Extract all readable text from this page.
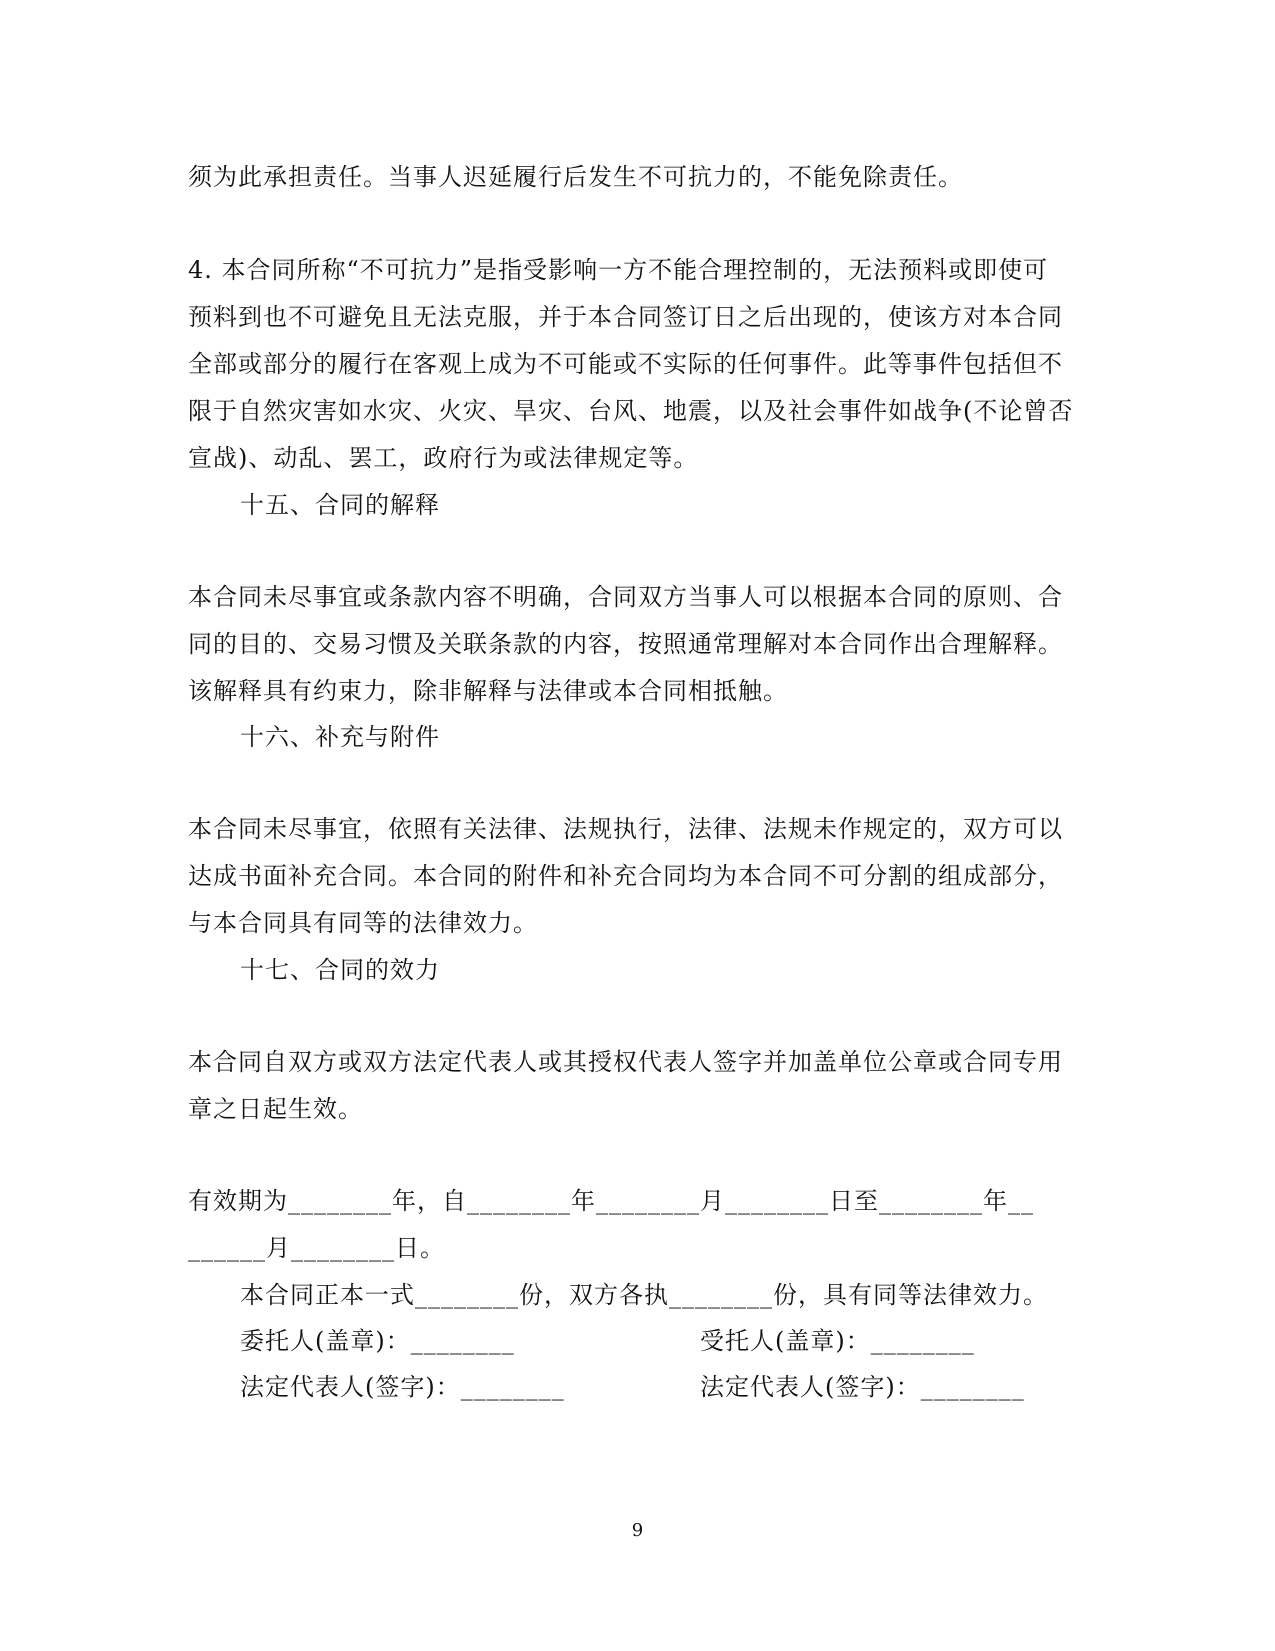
须为此承担责任。当事人迟延履行后发生不可抗力的，不能免除责任。
4. 本合同所称“不可抗力”是指受影响一方不能合理控制的，无法预料或即使可
预料到也不可避免且无法克服，并于本合同签订日之后出现的，使该方对本合同
全部或部分的履行在客观上成为不可能或不实际的任何事件。此等事件包括但不
限于自然灾害如水灾、火灾、旱灾、台风、地震，以及社会事件如战争(不论曾否
宣战)、动乱、罢工，政府行为或法律规定等。
十五、合同的解释
本合同未尽事宜或条款内容不明确，合同双方当事人可以根据本合同的原则、合
同的目的、交易习惯及关联条款的内容，按照通常理解对本合同作出合理解释。
该解释具有约束力，除非解释与法律或本合同相抵触。
十六、补充与附件
本合同未尽事宜，依照有关法律、法规执行，法律、法规未作规定的，双方可以
达成书面补充合同。本合同的附件和补充合同均为本合同不可分割的组成部分，
与本合同具有同等的法律效力。
十七、合同的效力
本合同自双方或双方法定代表人或其授权代表人签字并加盖单位公章或合同专用
章之日起生效。
有效期为________年，自________年________月________日至________年__
______月________日。
本合同正本一式________份，双方各执________份，具有同等法律效力。
委托人(盖章)：________	受托人(盖章)：________
法定代表人(签字)：________	法定代表人(签字)：________
9
